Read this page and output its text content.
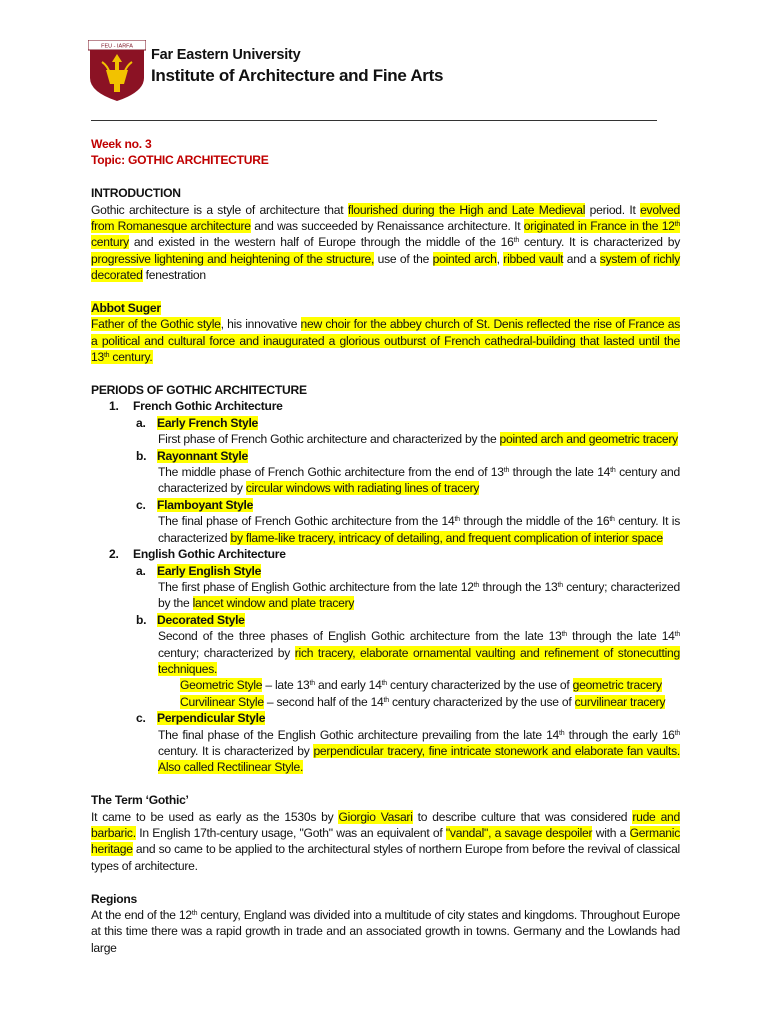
FEU - IARFA
Far Eastern University
Institute of Architecture and Fine Arts
Week no. 3
Topic: GOTHIC ARCHITECTURE
INTRODUCTION

Gothic architecture is a style of architecture that flourished during the High and Late Medieval period. It evolved from Romanesque architecture and was succeeded by Renaissance architecture. It originated in France in the 12th century and existed in the western half of Europe through the middle of the 16th century. It is characterized by progressive lightening and heightening of the structure, use of the pointed arch, ribbed vault and a system of richly decorated fenestration

Abbot Suger

Father of the Gothic style, his innovative new choir for the abbey church of St. Denis reflected the rise of France as a political and cultural force and inaugurated a glorious outburst of French cathedral-building that lasted until the 13th century.

PERIODS OF GOTHIC ARCHITECTURE
1. French Gothic Architecture
a. Early French Style

First phase of French Gothic architecture and characterized by the pointed arch and geometric tracery

b. Rayonnant Style

The middle phase of French Gothic architecture from the end of 13th through the late 14th century and characterized by circular windows with radiating lines of tracery

c. Flamboyant Style

The final phase of French Gothic architecture from the 14th through the middle of the 16th century. It is characterized by flame-like tracery, intricacy of detailing, and frequent complication of interior space

2. English Gothic Architecture
a. Early English Style

The first phase of English Gothic architecture from the late 12th through the 13th century; characterized by the lancet window and plate tracery

b. Decorated Style

Second of the three phases of English Gothic architecture from the late 13th through the late 14th century; characterized by rich tracery, elaborate ornamental vaulting and refinement of stonecutting techniques.

Geometric Style – late 13th and early 14th century characterized by the use of geometric tracery
Curvilinear Style – second half of the 14th century characterized by the use of curvilinear tracery
c. Perpendicular Style

The final phase of the English Gothic architecture prevailing from the late 14th through the early 16th century. It is characterized by perpendicular tracery, fine intricate stonework and elaborate fan vaults. Also called Rectilinear Style.

The Term ‘Gothic’

It came to be used as early as the 1530s by Giorgio Vasari to describe culture that was considered rude and barbaric. In English 17th-century usage, "Goth" was an equivalent of "vandal", a savage despoiler with a Germanic heritage and so came to be applied to the architectural styles of northern Europe from before the revival of classical types of architecture.

Regions

At the end of the 12th century, England was divided into a multitude of city states and kingdoms. Throughout Europe at this time there was a rapid growth in trade and an associated growth in towns. Germany and the Lowlands had large
